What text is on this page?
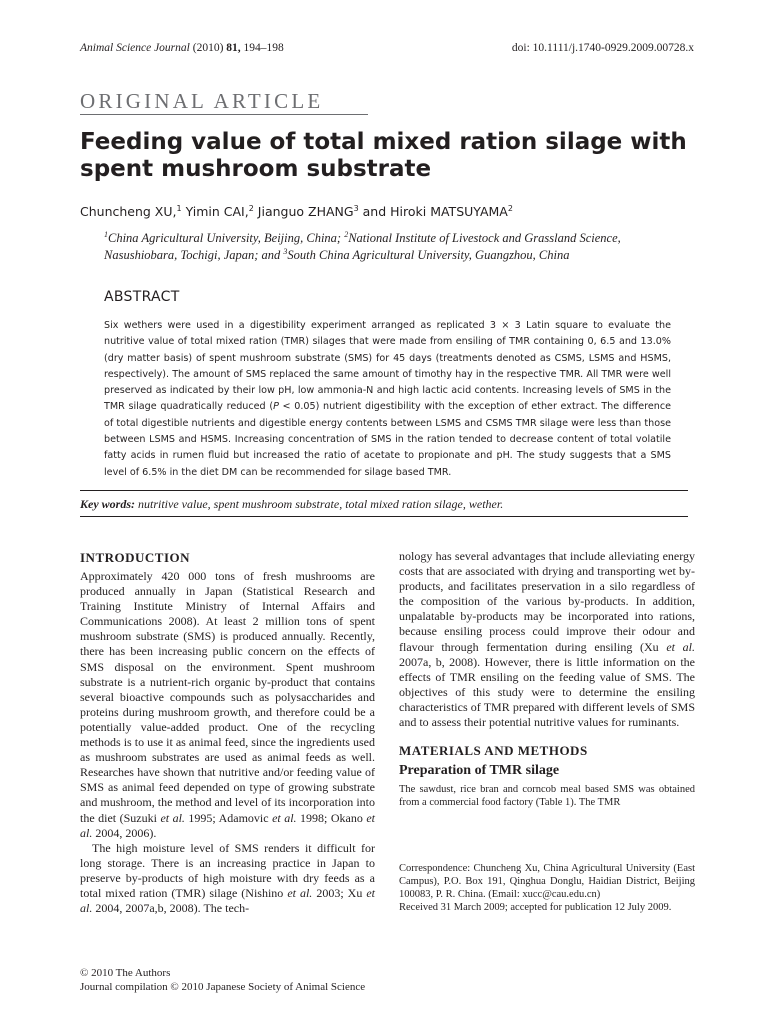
Animal Science Journal (2010) 81, 194–198	doi: 10.1111/j.1740-0929.2009.00728.x
ORIGINAL ARTICLE
Feeding value of total mixed ration silage with spent mushroom substrate
Chuncheng XU,$^1$ Yimin CAI,$^2$ Jianguo ZHANG$^3$ and Hiroki MATSUYAMA$^2$
$^1$China Agricultural University, Beijing, China; $^2$National Institute of Livestock and Grassland Science, Nasushiobara, Tochigi, Japan; and $^3$South China Agricultural University, Guangzhou, China
ABSTRACT

Six wethers were used in a digestibility experiment arranged as replicated 3 × 3 Latin square to evaluate the nutritive value of total mixed ration (TMR) silages that were made from ensiling of TMR containing 0, 6.5 and 13.0% (dry matter basis) of spent mushroom substrate (SMS) for 45 days (treatments denoted as CSMS, LSMS and HSMS, respectively). The amount of SMS replaced the same amount of timothy hay in the respective TMR. All TMR were well preserved as indicated by their low pH, low ammonia-N and high lactic acid contents. Increasing levels of SMS in the TMR silage quadratically reduced (P < 0.05) nutrient digestibility with the exception of ether extract. The difference of total digestible nutrients and digestible energy contents between LSMS and CSMS TMR silage were less than those between LSMS and HSMS. Increasing concentration of SMS in the ration tended to decrease content of total volatile fatty acids in rumen fluid but increased the ratio of acetate to propionate and pH. The study suggests that a SMS level of 6.5% in the diet DM can be recommended for silage based TMR.

Key words: nutritive value, spent mushroom substrate, total mixed ration silage, wether.
INTRODUCTION

Approximately 420 000 tons of fresh mushrooms are produced annually in Japan (Statistical Research and Training Institute Ministry of Internal Affairs and Communications 2008). At least 2 million tons of spent mushroom substrate (SMS) is produced annually. Recently, there has been increasing public concern on the effects of SMS disposal on the environment. Spent mushroom substrate is a nutrient-rich organic by-product that contains several bioactive compounds such as polysaccharides and proteins during mushroom growth, and therefore could be a potentially value-added product. One of the recycling methods is to use it as animal feed, since the ingredients used as mushroom substrates are used as animal feeds as well. Researches have shown that nutritive and/or feeding value of SMS as animal feed depended on type of growing substrate and mushroom, the method and level of its incorporation into the diet (Suzuki et al. 1995; Adamovic et al. 1998; Okano et al. 2004, 2006).

The high moisture level of SMS renders it difficult for long storage. There is an increasing practice in Japan to preserve by-products of high moisture with dry feeds as a total mixed ration (TMR) silage (Nishino et al. 2003; Xu et al. 2004, 2007a,b, 2008). The tech-

nology has several advantages that include alleviating energy costs that are associated with drying and transporting wet by-products, and facilitates preservation in a silo regardless of the composition of the various by-products. In addition, unpalatable by-products may be incorporated into rations, because ensiling process could improve their odour and flavour through fermentation during ensiling (Xu et al. 2007a, b, 2008). However, there is little information on the effects of TMR ensiling on the feeding value of SMS. The objectives of this study were to determine the ensiling characteristics of TMR prepared with different levels of SMS and to assess their potential nutritive values for ruminants.

MATERIALS AND METHODS
Preparation of TMR silage

The sawdust, rice bran and corncob meal based SMS was obtained from a commercial food factory (Table 1). The TMR

Correspondence: Chuncheng Xu, China Agricultural University (East Campus), P.O. Box 191, Qinghua Donglu, Haidian District, Beijing 100083, P. R. China. (Email: xucc@cau.edu.cn)

Received 31 March 2009; accepted for publication 12 July 2009.

© 2010 The Authors
Journal compilation © 2010 Japanese Society of Animal Science
